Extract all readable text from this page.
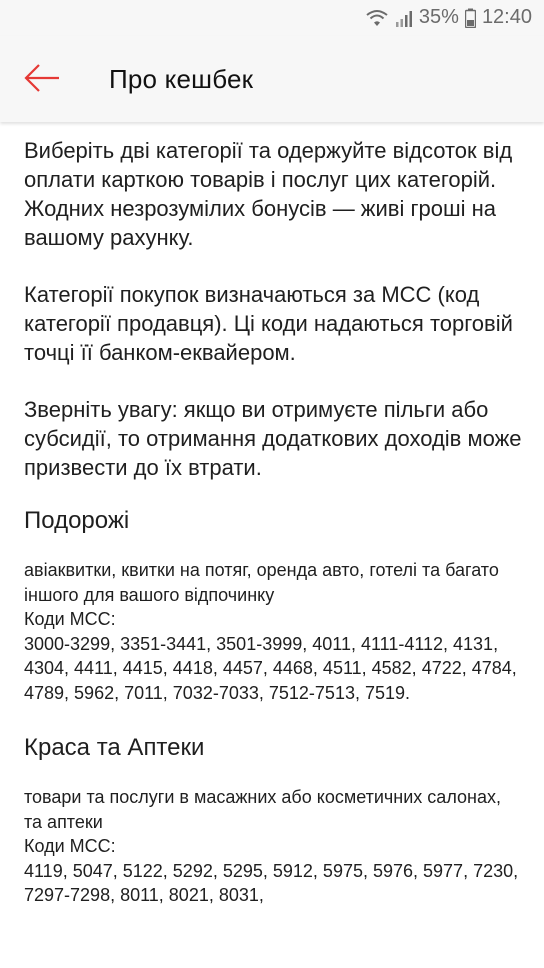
35% 12:40
Про кешбек

Виберіть дві категорії та одержуйте відсоток від оплати карткою товарів і послуг цих категорій. Жодних незрозумілих бонусів — живі гроші на вашому рахунку.

Категорії покупок визначаються за МСС (код категорії продавця). Ці коди надаються торговій точці її банком-еквайером.

Зверніть увагу: якщо ви отримуєте пільги або субсидії, то отримання додаткових доходів може призвести до їх втрати.

Подорожі
авіаквитки, квитки на потяг, оренда авто, готелі та багато іншого для вашого відпочинку
Коди МСС:
3000-3299, 3351-3441, 3501-3999, 4011, 4111-4112, 4131, 4304, 4411, 4415, 4418, 4457, 4468, 4511, 4582, 4722, 4784, 4789, 5962, 7011, 7032-7033, 7512-7513, 7519.
Краса та Аптеки
товари та послуги в масажних або косметичних салонах, та аптеки
Коди МСС:
4119, 5047, 5122, 5292, 5295, 5912, 5975, 5976, 5977, 7230, 7297-7298, 8011, 8021, 8031,
